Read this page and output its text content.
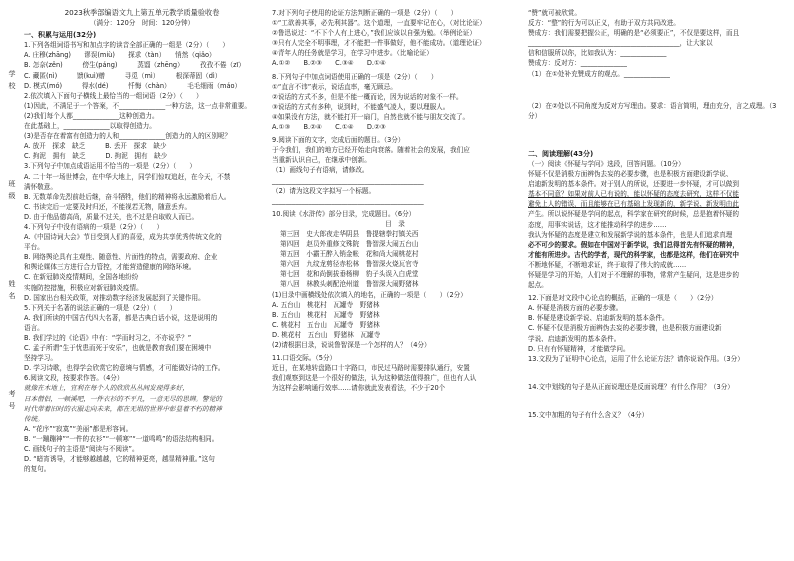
学
校
班
级
姓
名
考
号
2023秋季部编语文九上第五单元教学质量验收卷
（满分：120分　时间：120分钟）
一、积累与运用(32分)
1.下列各组词语书写和加点字的读音全部正确的一组是（2分）（　　）
A. 庄穆(zhāng)　　谬误(miù)　　探求（tàn）　　悄然（qiǎo）
B. 怎奈(zěn)　　　傍生(páng)　　　蒸馏（zhēng）　　　孜孜不倦（zī）
C. 藏匿(nì)　　　馈(kuì)赠　　　寻觅（mì）　　　根深蒂固（dì）
D. 模式(mó)　　　得水(dé)　　　忏悔（chàn）　　　毛毛细雨（máo）
2.依次填入下面句子横线上最恰当的一组词语（2分）（　　）
(1)因此，不满足于一个答案，不______________一种方法，这一点非常重要。
(2)我们每个人都______________这种创造力。
在此基础上，______________以取得创造力。
(3)是否存在着富有创造力的人和______________创造力的人的区别呢？
A. 放开　探求　缺乏　　　B. 丢开　探求　缺少
C. 拘泥　拥有　缺乏　　　D. 拘泥　拥有　缺少
3.下列句子中加点成语运用不恰当的一项是（2分）（　　）
A. 二十年一场世博会，在中华大地上，同学们惊叹追赶，在今天，不禁
满怀敬意。
B. 无数革命先烈前赴后继，奋斗牺牲，他们的精神将永远激励着后人。
C. 书读完后一定要及时归还，不能视若无物，随意丢弃。
D. 由于他品德高尚，质量不过关，也不过是自取败人而已。
4.下列句子中没有语病的一项是（2分）（　　）
A.《中国诗词大会》节目受到人们的喜爱，成为共享优秀传统文化的
平台。
B. 网络舆论具有主观性、随意性、片面性的特点，需要政府、企业
和舆论媒体三方进行合力管控，才能营造健康的网络环境。
C. 在新冠肺炎疫情期间，全国各地纷纷
实施防控措施，积极应对新冠肺炎疫情。
D. 国家出台相关政策，对推动数字经济发展起到了关键作用。
5.下列关于名著的说法正确的一项是（2分）（　　）
A. 我们所读的中国古代四大名著，都是古典白话小说，这是说明的
语言。
B. 我们学过的《论语》中有：“学而时习之，不亦说乎？”
C. 孟子所谓“生于忧患而死于安乐”，也就是教育我们要在困境中
坚持学习。
D. 学习诗歌，也得学会欣赏它的意境与情感，才可能做好诗的工作。
6.阅读文段，按要求作答。（4分）
就像在木地上，宜利在每个人的欣欣丛丛间发现得多好，
日本僧侣，一顿溪吧，一件衣衫的不平凡，一意无尽的思辨。警觉的
时代带着旧时的衣服走向未来，都在无垠的世界中彰显着不朽的精神
传统。
A. “花序”“寂寞”“美丽”都是形容词。
B. “一蹦蹦神”“一件的衣衫”“一顿寒”“一道鸣鸣”的语法结构相同。
C. 画线句子的主语是“阅读与不阅读”。
D. “暗宵诱导，才能够越越越，它的精神更亮，越显精神重。”这句
的复句。
7.对下列句子使用的论证方法判断正确的一项是（2分）（　　）
①“工欲善其事，必先利其器”。这个道理，一直要牢记在心，（对比论证）
②鲁迅说过：“不下个人有上进心，”我们应该以自强为勉。（举例论证）
③只有人完全不明事理，才不能把一件事做好，他不能成功。（道理论证）
④青年人的任务就是学习，在学习中进步。（比喻论证）
A.①②　　B.②③　　C.③④　　D.①④
8.下列句子中加点词语使用正确的一项是（2分）（　　）
①“直言不讳”表示，说话直率，毫无顾忌。
②说话的方式不多，但是不能一概而论，因为说话的对象不一样。
③说话的方式有多种，说到时，不能盛气凌人，要以理服人。
④如果没有方法，就不能打开一扇门，自然也就不能与朋友交流了。
A.①③　　B.②④　　C.①④　　D.②③
9.阅读下面的文字，完成后面的题目。（3分）
于今我们，我们的地方已经开始走向衰落。随着社会的发展，我们应
当重新认识自己，在继承中创新。
（1）画线句子有语病，请修改。
______________________________________________
（2）请为这段文字拟写一个标题。
______________________________________________
10.阅读《水浒传》部分目录，完成题目。（6分）
目　录
第三回　史大郎夜走华阴县　鲁提辖拳打镇关西
第四回　赵员外重修文殊院　鲁智深大闹五台山
第五回　小霸王醉入销金帐　花和尚大闹桃花村
第六回　九纹龙剪径赤松林　鲁智深火烧瓦官寺
第七回　花和尚倒拔垂杨柳　豹子头误入白虎堂
第八回　林教头刺配沧州道　鲁智深大闹野猪林
(1)目录中画横线处依次填入的地名，正确的一项是（　　）（2分）
A. 五台山　桃花村　瓦罐寺　野猪林
B. 五台山　桃花村　瓦罐寺　野猪林
C. 桃花村　五台山　瓦罐寺　野猪林
D. 桃花村　五台山　野猪林　瓦罐寺
(2)请根据目录，说说鲁智深是一个怎样的人？（4分）
11.口语交际。（5分）
近日，在某地转盘路口十字路口，市民过马路时需要排队通行，安置
我们观察到这是一个很好的做法，认为这种做法值得推广，但也有人认
为这样会影响通行效率……请你就此发表看法，不少于20个
“赞”就可被欣赏。
反方：“整”的行为可以正义，有助于双方共同改进。
赞成方：我们需要把握公正，明确的是“必须要正”，不仅是要这样，而且
______________________________________________，让大家以
信和信服所以你，比如我认为：______________
赞成方：反对方：______________
（1）在①处补充赞成方的观点。______________
（2）在②处以不同角度为反对方写理由。要求：语言简明，理由充分，言之成理。（3分）
二、阅读理解(43分)
（一）阅读《怀疑与学问》选段，回答问题。（10分）
怀疑不仅是消极方面辨伪去妄的必要步骤，也是积极方面建设新学说、
启迪新发明的基本条件。对于别人的所说，还要进一步怀疑，才可以做到
基本不同意？如果对前人已有说的，能以怀疑的态度去研究，这样不仅能
避免上人的错误，而且能够在已有基础上发现新的，新学说、新发明由此
产生。所以说怀疑是学问的起点，科学家在研究的时候，总是抱着怀疑的
态度，用事实说话，这才能推动科学的进步……
我认为怀疑的态度是建立和发展新学说的基本条件，也是人们追求真理
必不可少的要求。假如在中国对于新学说，我们总得首先有怀疑的精神，
才能有所进步。古代的学者，现代的科学家，也都是这样，他们在研究中
不断地怀疑，不断地求证，终于取得了伟大的成就……
怀疑是学习的开始，人们对于不理解的事物，常常产生疑问，这是进步的
起点。
12.下面是对文段中心论点的概括，正确的一项是（　　）（2分）
A. 怀疑是消极方面的必要步骤。
B. 怀疑是建设新学说、启迪新发明的基本条件。
C. 怀疑不仅是消极方面辨伪去妄的必要步骤，也是积极方面建设新
学说、启迪新发明的基本条件。
D. 只有有怀疑精神，才能做学问。
13.文段为了证明中心论点，运用了什么论证方法？请你说说作用。（3分）
14.文中划线的句子是从正面说理还是反面说理？有什么作用？（3分）
15.文中加粗的句子有什么含义？（4分）
